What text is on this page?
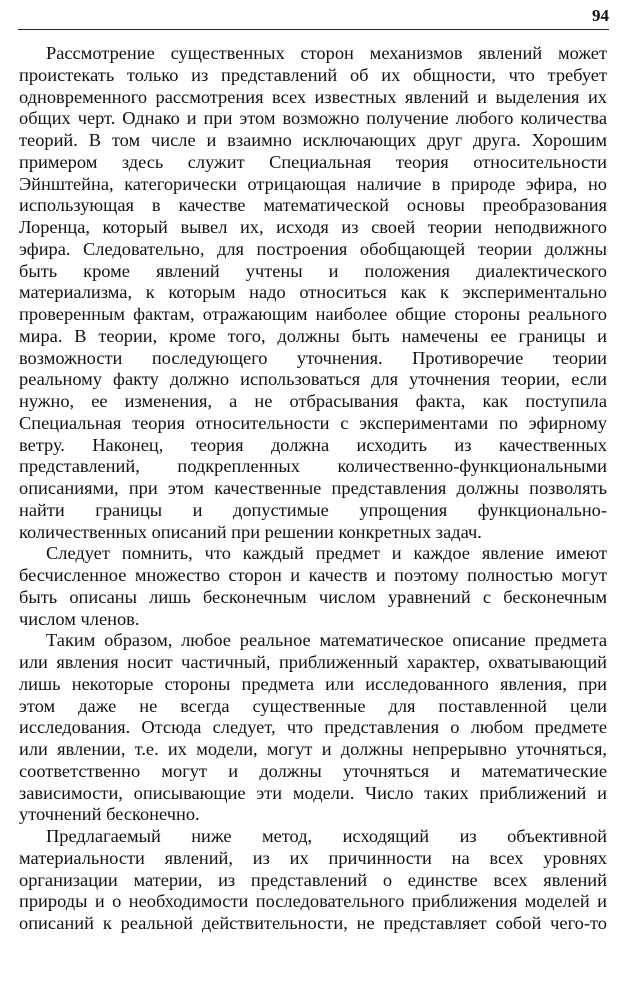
94
Рассмотрение существенных сторон механизмов явлений может
проистекать только из представлений об их общности, что требует
одновременного рассмотрения всех известных явлений и выделения их
общих черт. Однако и при этом возможно получение любого количества
теорий. В том числе и взаимно исключающих друг друга. Хорошим
примером здесь служит Специальная теория относительности
Эйнштейна, категорически отрицающая наличие в природе эфира, но
использующая в качестве математической основы преобразования
Лоренца, который вывел их, исходя из своей теории неподвижного
эфира. Следовательно, для построения обобщающей теории должны
быть кроме явлений учтены и положения диалектического
материализма, к которым надо относиться как к экспериментально
проверенным фактам, отражающим наиболее общие стороны реального
мира. В теории, кроме того, должны быть намечены ее границы и
возможности последующего уточнения. Противоречие теории
реальному факту должно использоваться для уточнения теории, если
нужно, ее изменения, а не отбрасывания факта, как поступила
Специальная теория относительности с экспериментами по эфирному
ветру. Наконец, теория должна исходить из качественных
представлений, подкрепленных количественно-функциональными
описаниями, при этом качественные представления должны позволять
найти границы и допустимые упрощения функционально-
количественных описаний при решении конкретных задач.
Следует помнить, что каждый предмет и каждое явление имеют
бесчисленное множество сторон и качеств и поэтому полностью могут
быть описаны лишь бесконечным числом уравнений с бесконечным
числом членов.
Таким образом, любое реальное математическое описание предмета
или явления носит частичный, приближенный характер, охватывающий
лишь некоторые стороны предмета или исследованного явления, при
этом даже не всегда существенные для поставленной цели
исследования. Отсюда следует, что представления о любом предмете
или явлении, т.е. их модели, могут и должны непрерывно уточняться,
соответственно могут и должны уточняться и математические
зависимости, описывающие эти модели. Число таких приближений и
уточнений бесконечно.
Предлагаемый ниже метод, исходящий из объективной
материальности явлений, из их причинности на всех уровнях
организации материи, из представлений о единстве всех явлений
природы и о необходимости последовательного приближения моделей и
описаний к реальной действительности, не представляет собой чего-то
